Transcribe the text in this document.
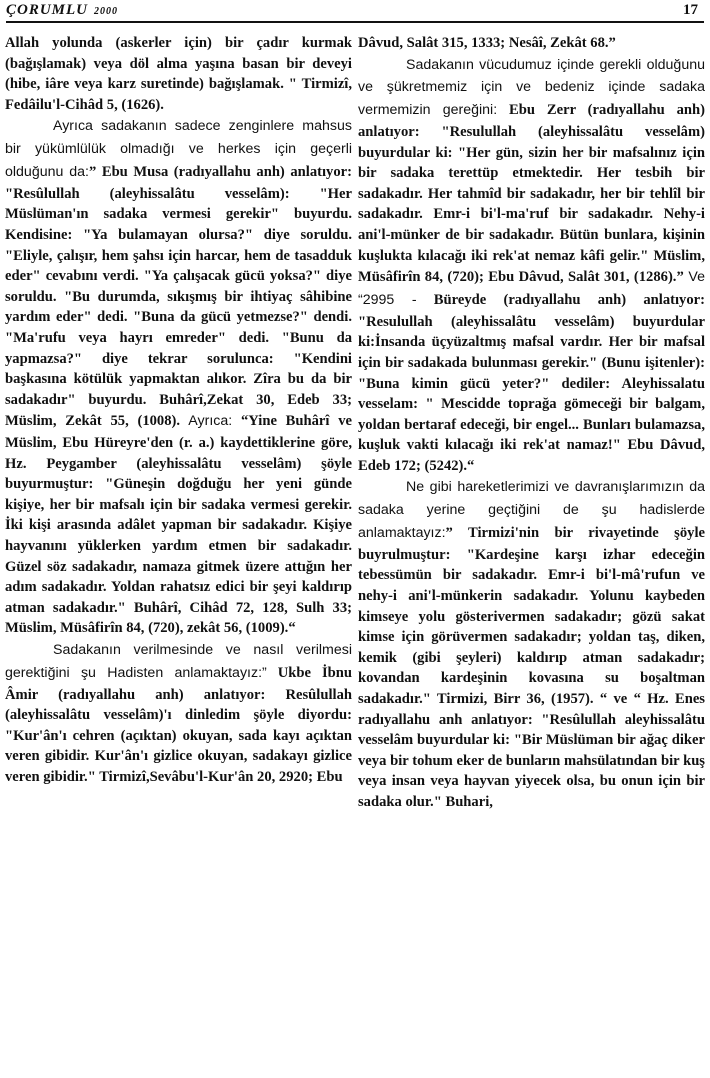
ÇORUMLU 2000	17

Allah yolunda (askerler için) bir çadır kurmak (bağışlamak) veya döl alma yaşına basan bir deveyi (hibe, iâre veya karz suretinde) bağışlamak. " Tirmizî, Fedâilu'l-Cihâd 5, (1626).

Ayrıca sadakanın sadece zenginlere mahsus bir yükümlülük olmadığı ve herkes için geçerli olduğunu da:” Ebu Musa (radıyallahu anh) anlatıyor: "Resûlullah (aleyhissalâtu vesselâm): "Her Müslüman'ın sadaka vermesi gerekir" buyurdu. Kendisine: "Ya bulamayan olursa?" diye soruldu. "Eliyle, çalışır, hem şahsı için harcar, hem de tasadduk eder" cevabını verdi. "Ya çalışacak gücü yoksa?" diye soruldu. "Bu durumda, sıkışmış bir ihtiyaç sâhibine yardım eder" dedi. "Buna da gücü yetmezse?" dendi. "Ma'rufu veya hayrı emreder" dedi. "Bunu da yapmazsa?" diye tekrar sorulunca: "Kendini başkasına kötülük yapmaktan alıkor. Zîra bu da bir sadakadır" buyurdu. Buhârî,Zekat 30, Edeb 33; Müslim, Zekât 55, (1008). Ayrıca: “Yine Buhârî ve Müslim, Ebu Hüreyre'den (r. a.) kaydettiklerine göre, Hz. Peygamber (aleyhissalâtu vesselâm) şöyle buyurmuştur: "Güneşin doğduğu her yeni günde kişiye, her bir mafsalı için bir sadaka vermesi gerekir. İki kişi arasında adâlet yapman bir sadakadır. Kişiye hayvanını yüklerken yardım etmen bir sadakadır. Güzel söz sadakadır, namaza gitmek üzere attığın her adım sadakadır. Yoldan rahatsız edici bir şeyi kaldırıp atman sadakadır." Buhârî, Cihâd 72, 128, Sulh 33; Müslim, Müsâfirîn 84, (720), zekât 56, (1009).“

Sadakanın verilmesinde ve nasıl verilmesi gerektiğini şu Hadisten anlamaktayız:” Ukbe İbnu Âmir (radıyallahu anh) anlatıyor: Resûlullah (aleyhissalâtu vesselâm)'ı dinledim şöyle diyordu: "Kur'ân'ı cehren (açıktan) okuyan, sada kayı açıktan veren gibidir. Kur'ân'ı gizlice okuyan, sadakayı gizlice veren gibidir." Tirmizî,Sevâbu'l-Kur'ân 20, 2920; Ebu

Dâvud, Salât 315, 1333; Nesâî, Zekât 68.”

Sadakanın vücudumuz içinde gerekli olduğunu ve şükretmemiz için ve bedeniz içinde sadaka vermemizin gereğini: Ebu Zerr (radıyallahu anh) anlatıyor: "Resulullah (aleyhissalâtu vesselâm) buyurdular ki: "Her gün, sizin her bir mafsalınız için bir sadaka terettüp etmektedir. Her tesbih bir sadakadır. Her tahmîd bir sadakadır, her bir tehlîl bir sadakadır. Emr-i bi'l-ma'ruf bir sadakadır. Nehy-i ani'l-münker de bir sadakadır. Bütün bunlara, kişinin kuşlukta kılacağı iki rek'at nemaz kâfi gelir." Müslim, Müsâfirîn 84, (720); Ebu Dâvud, Salât 301, (1286).” Ve “2995 - Büreyde (radıyallahu anh) anlatıyor: "Resulullah (aleyhissalâtu vesselâm) buyurdular ki:İnsanda üçyüzaltmış mafsal vardır. Her bir mafsal için bir sadakada bulunması gerekir." (Bunu işitenler): "Buna kimin gücü yeter?" dediler: Aleyhissalatu vesselam: " Mescidde toprağa gömeceği bir balgam, yoldan bertaraf edeceği, bir engel... Bunları bulamazsa, kuşluk vakti kılacağı iki rek'at namaz!" Ebu Dâvud, Edeb 172; (5242).“

Ne gibi hareketlerimizi ve davranışlarımızın da sadaka yerine geçtiğini de şu hadislerde anlamaktayız:” Tirmizi'nin bir rivayetinde şöyle buyrulmuştur: "Kardeşine karşı izhar edeceğin tebessümün bir sadakadır. Emr-i bi'l-mâ'rufun ve nehy-i ani'l-münkerin sadakadır. Yolunu kaybeden kimseye yolu gösterivermen sadakadır; gözü sakat kimse için görüvermen sadakadır; yoldan taş, diken, kemik (gibi şeyleri) kaldırıp atman sadakadır; kovandan kardeşinin kovasına su boşaltman sadakadır." Tirmizi, Birr 36, (1957). “ ve “ Hz. Enes radıyallahu anh anlatıyor: "Resûlullah aleyhissalâtu vesselâm buyurdular ki: "Bir Müslüman bir ağaç diker veya bir tohum eker de bunların mahsülatından bir kuş veya insan veya hayvan yiyecek olsa, bu onun için bir sadaka olur." Buhari,
